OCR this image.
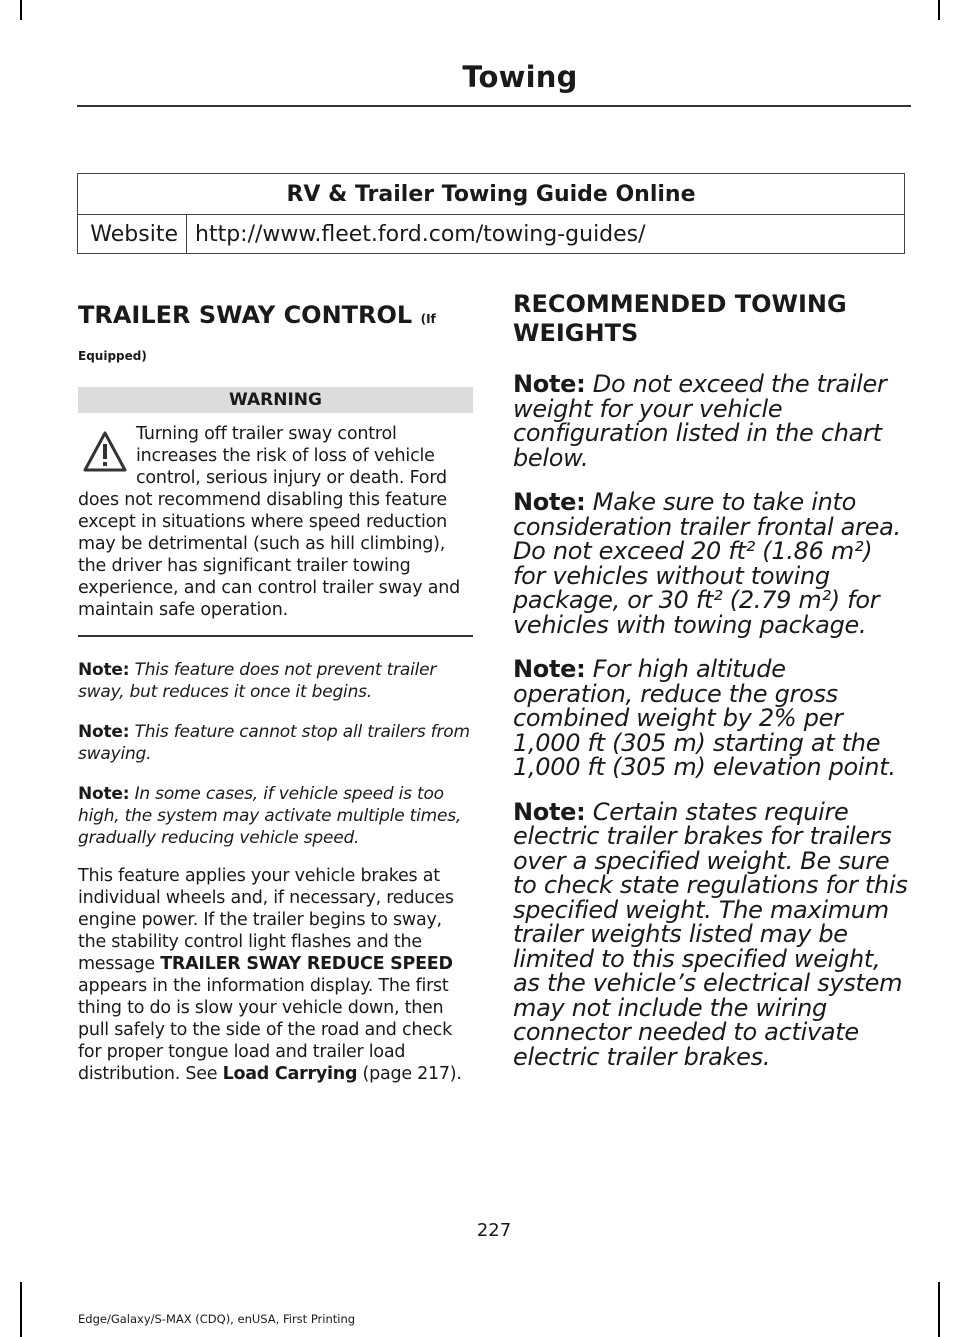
Towing
RV & Trailer Towing Guide Online
Website	http://www.fleet.ford.com/towing-guides/
TRAILER SWAY CONTROL (If

Equipped)

WARNING
Turning off trailer sway control increases the risk of loss of vehicle control, serious injury or death. Ford does not recommend disabling this feature except in situations where speed reduction may be detrimental (such as hill climbing), the driver has significant trailer towing experience, and can control trailer sway and maintain safe operation.

Note: This feature does not prevent trailer sway, but reduces it once it begins.

Note: This feature cannot stop all trailers from swaying.

Note: In some cases, if vehicle speed is too high, the system may activate multiple times, gradually reducing vehicle speed.

This feature applies your vehicle brakes at individual wheels and, if necessary, reduces engine power. If the trailer begins to sway, the stability control light flashes and the message TRAILER SWAY REDUCE SPEED appears in the information display. The first thing to do is slow your vehicle down, then pull safely to the side of the road and check for proper tongue load and trailer load distribution. See Load Carrying (page 217).

RECOMMENDED TOWING
WEIGHTS

Note: Do not exceed the trailer weight for your vehicle configuration listed in the chart below.

Note: Make sure to take into consideration trailer frontal area. Do not exceed 20 ft² (1.86 m²) for vehicles without towing package, or 30 ft² (2.79 m²) for vehicles with towing package.

Note: For high altitude operation, reduce the gross combined weight by 2% per 1,000 ft (305 m) starting at the 1,000 ft (305 m) elevation point.

Note: Certain states require electric trailer brakes for trailers over a specified weight. Be sure to check state regulations for this specified weight. The maximum trailer weights listed may be limited to this specified weight, as the vehicle’s electrical system may not include the wiring connector needed to activate electric trailer brakes.

227
Edge/Galaxy/S-MAX (CDQ), enUSA, First Printing
